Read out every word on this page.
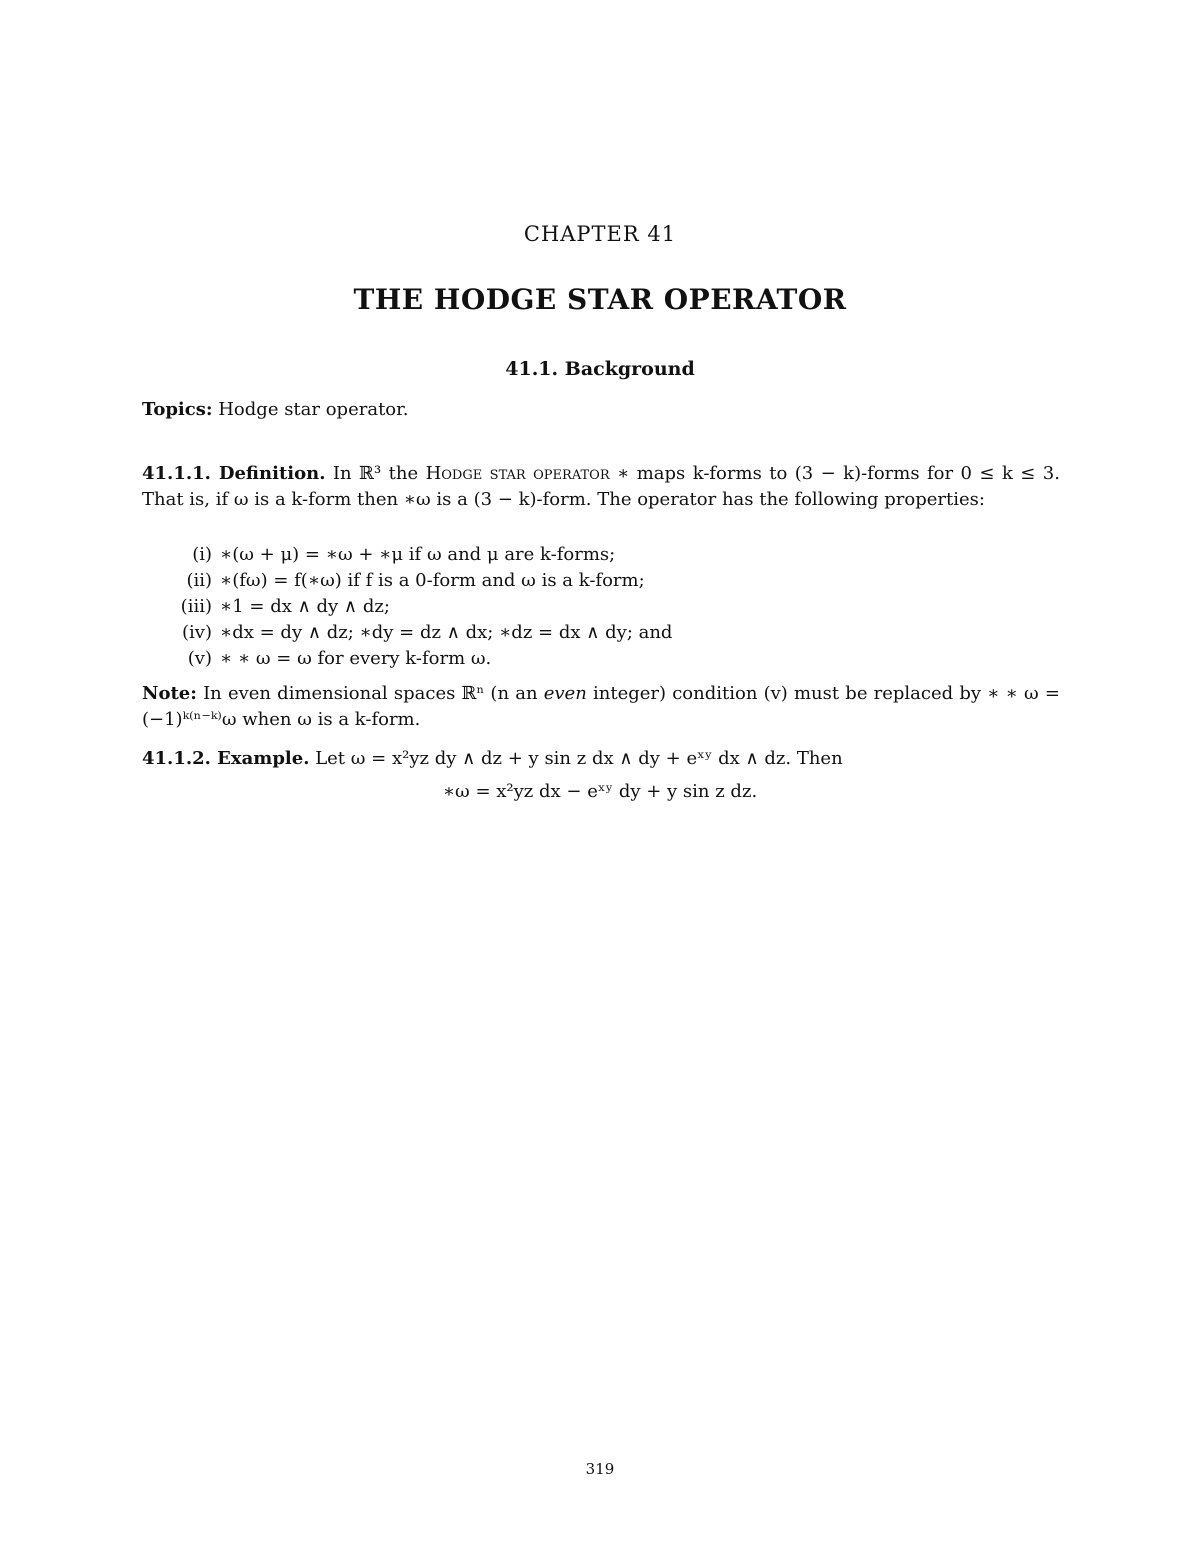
CHAPTER 41
THE HODGE STAR OPERATOR
41.1. Background
Topics: Hodge star operator.
41.1.1. Definition. In ℝ³ the Hodge star operator ∗ maps k-forms to (3 − k)-forms for 0 ≤ k ≤ 3. That is, if ω is a k-form then ∗ω is a (3 − k)-form. The operator has the following properties:
(i) ∗(ω + μ) = ∗ω + ∗μ if ω and μ are k-forms;
(ii) ∗(fω) = f(∗ω) if f is a 0-form and ω is a k-form;
(iii) ∗1 = dx ∧ dy ∧ dz;
(iv) ∗dx = dy ∧ dz; ∗dy = dz ∧ dx; ∗dz = dx ∧ dy; and
(v) ∗ ∗ ω = ω for every k-form ω.
Note: In even dimensional spaces ℝⁿ (n an even integer) condition (v) must be replaced by ∗ ∗ ω = (−1)ᵏ⁽ⁿ⁻ᵏ⁾ω when ω is a k-form.
41.1.2. Example. Let ω = x²yz dy ∧ dz + y sin z dx ∧ dy + eˣʸ dx ∧ dz. Then
∗ω = x²yz dx − eˣʸ dy + y sin z dz.
319
